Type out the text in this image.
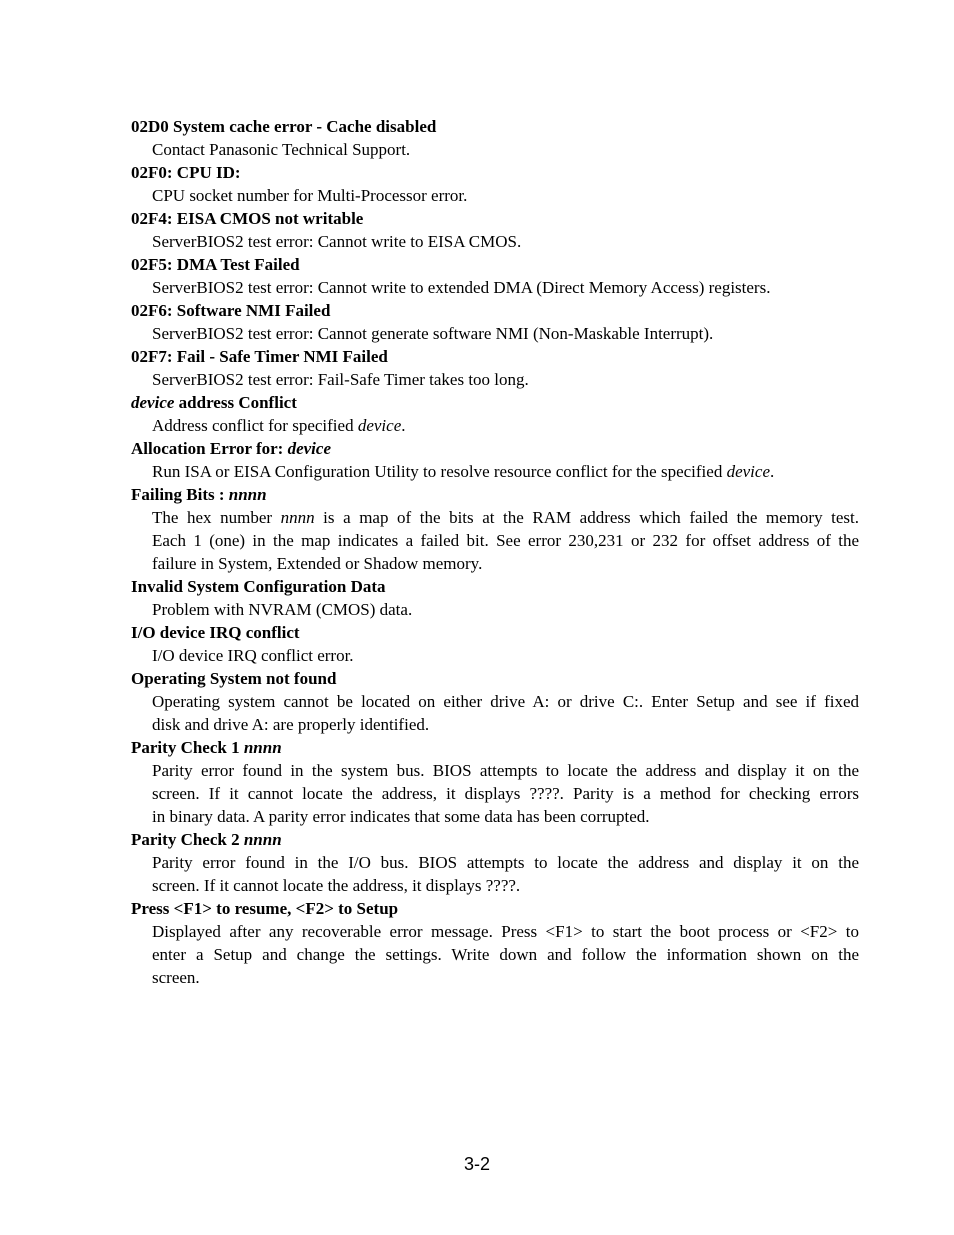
02D0 System cache error - Cache disabled
Contact Panasonic Technical Support.
02F0: CPU ID:
CPU socket number for Multi-Processor error.
02F4: EISA CMOS not writable
ServerBIOS2 test error: Cannot write to EISA CMOS.
02F5: DMA Test Failed
ServerBIOS2 test error: Cannot write to extended DMA (Direct Memory Access) registers.
02F6: Software NMI Failed
ServerBIOS2 test error: Cannot generate software NMI (Non-Maskable Interrupt).
02F7: Fail - Safe Timer NMI Failed
ServerBIOS2 test error: Fail-Safe Timer takes too long.
device address Conflict
Address conflict for specified device.
Allocation Error for: device
Run ISA or EISA Configuration Utility to resolve resource conflict for the specified device.
Failing Bits : nnnn
The hex number nnnn is a map of the bits at the RAM address which failed the memory test.
Each 1 (one) in the map indicates a failed bit. See error 230,231 or 232 for offset address of the
failure in System, Extended or Shadow memory.
Invalid System Configuration Data
Problem with NVRAM (CMOS) data.
I/O device IRQ conflict
I/O device IRQ conflict error.
Operating System not found
Operating system cannot be located on either drive A: or drive C:. Enter Setup and see if fixed
disk and drive A: are properly identified.
Parity Check 1 nnnn
Parity error found in the system bus. BIOS attempts to locate the address and display it on the
screen. If it cannot locate the address, it displays ????. Parity is a method for checking errors
in binary data. A parity error indicates that some data has been corrupted.
Parity Check 2 nnnn
Parity error found in the I/O bus. BIOS attempts to locate the address and display it on the
screen. If it cannot locate the address, it displays ????.
Press <F1> to resume, <F2> to Setup
Displayed after any recoverable error message. Press <F1> to start the boot process or <F2> to
enter a Setup and change the settings. Write down and follow the information shown on the
screen.
3-2
